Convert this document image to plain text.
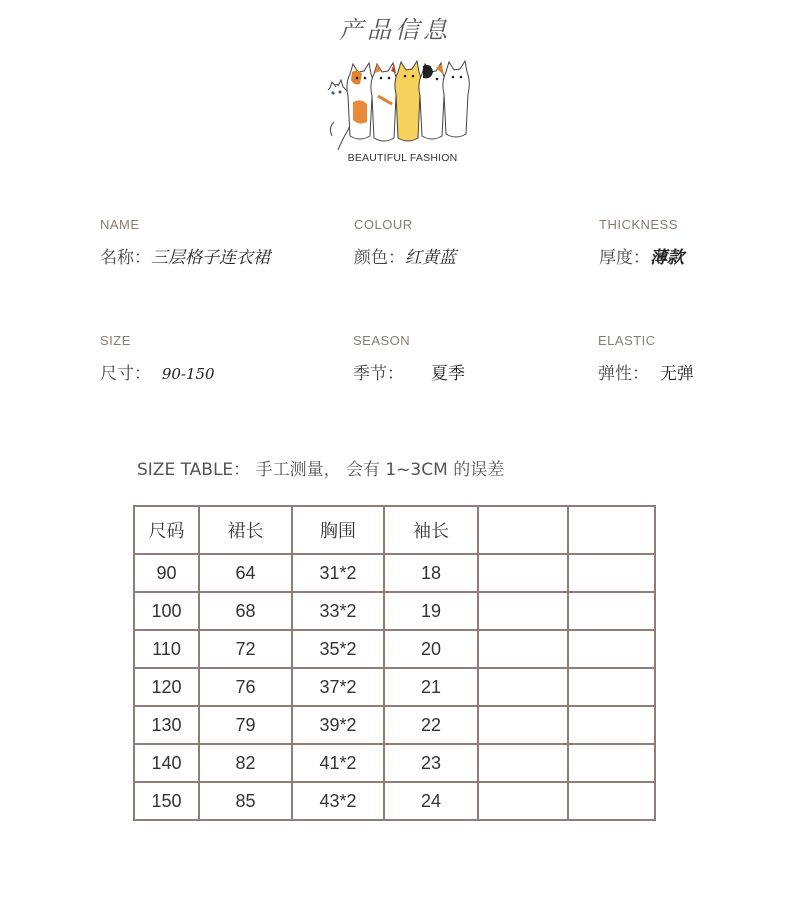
产品信息
BEAUTIFUL FASHION
NAME
名称：三层格子连衣裙
COLOUR
颜色：红黄蓝
THICKNESS
厚度：薄款
SIZE
尺寸： 90-150
SEASON
季节： 夏季
ELASTIC
弹性： 无弹
SIZE TABLE： 手工测量， 会有 1~3CM 的误差
尺码	裙长	胸围	袖长		
90	64	31*2	18		
100	68	33*2	19		
110	72	35*2	20		
120	76	37*2	21		
130	79	39*2	22		
140	82	41*2	23		
150	85	43*2	24		
